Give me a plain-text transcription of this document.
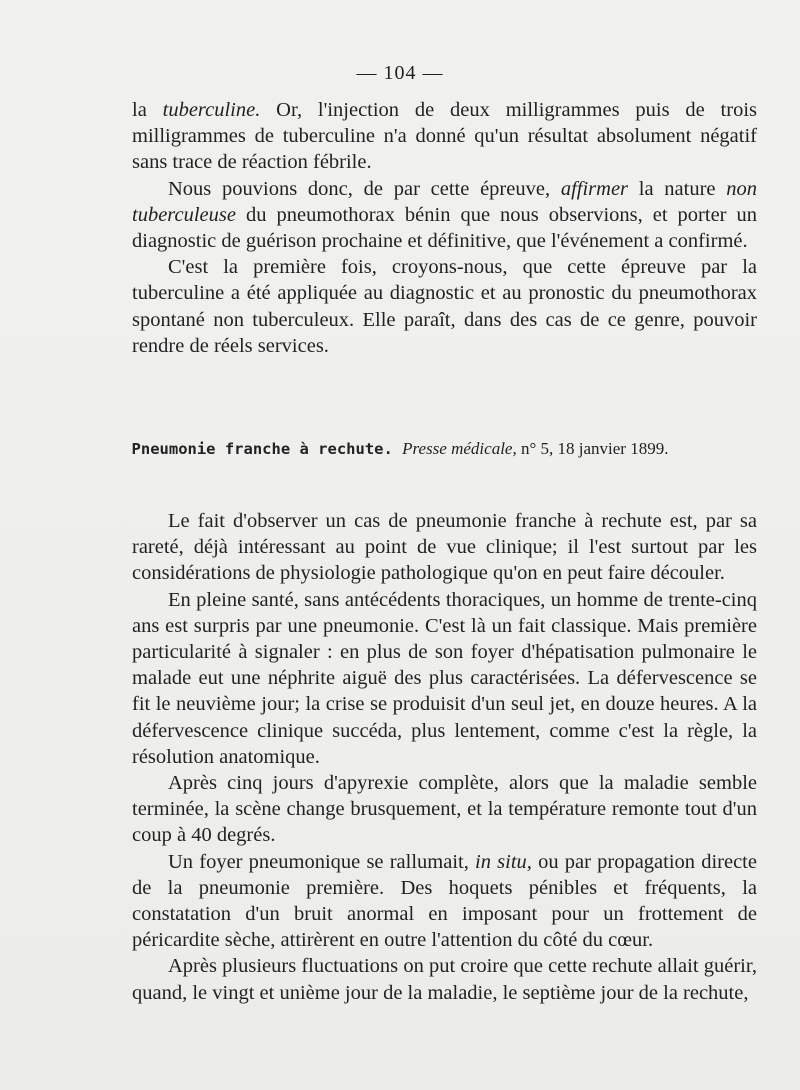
— 104 —

la tuberculine. Or, l'injection de deux milligrammes puis de trois milligrammes de tuberculine n'a donné qu'un résultat absolument négatif sans trace de réaction fébrile.

Nous pouvions donc, de par cette épreuve, affirmer la nature non tuberculeuse du pneumothorax bénin que nous observions, et porter un diagnostic de guérison prochaine et définitive, que l'événement a confirmé.

C'est la première fois, croyons-nous, que cette épreuve par la tuberculine a été appliquée au diagnostic et au pronostic du pneumothorax spontané non tuberculeux. Elle paraît, dans des cas de ce genre, pouvoir rendre de réels services.

Pneumonie franche à rechute. Presse médicale, n° 5, 18 janvier 1899.

Le fait d'observer un cas de pneumonie franche à rechute est, par sa rareté, déjà intéressant au point de vue clinique; il l'est surtout par les considérations de physiologie pathologique qu'on en peut faire découler.

En pleine santé, sans antécédents thoraciques, un homme de trente-cinq ans est surpris par une pneumonie. C'est là un fait classique. Mais première particularité à signaler : en plus de son foyer d'hépatisation pulmonaire le malade eut une néphrite aiguë des plus caractérisées. La défervescence se fit le neuvième jour; la crise se produisit d'un seul jet, en douze heures. A la défervescence clinique succéda, plus lentement, comme c'est la règle, la résolution anatomique.

Après cinq jours d'apyrexie complète, alors que la maladie semble terminée, la scène change brusquement, et la température remonte tout d'un coup à 40 degrés.

Un foyer pneumonique se rallumait, in situ, ou par propagation directe de la pneumonie première. Des hoquets pénibles et fréquents, la constatation d'un bruit anormal en imposant pour un frottement de péricardite sèche, attirèrent en outre l'attention du côté du cœur.

Après plusieurs fluctuations on put croire que cette rechute allait guérir, quand, le vingt et unième jour de la maladie, le septième jour de la rechute,
